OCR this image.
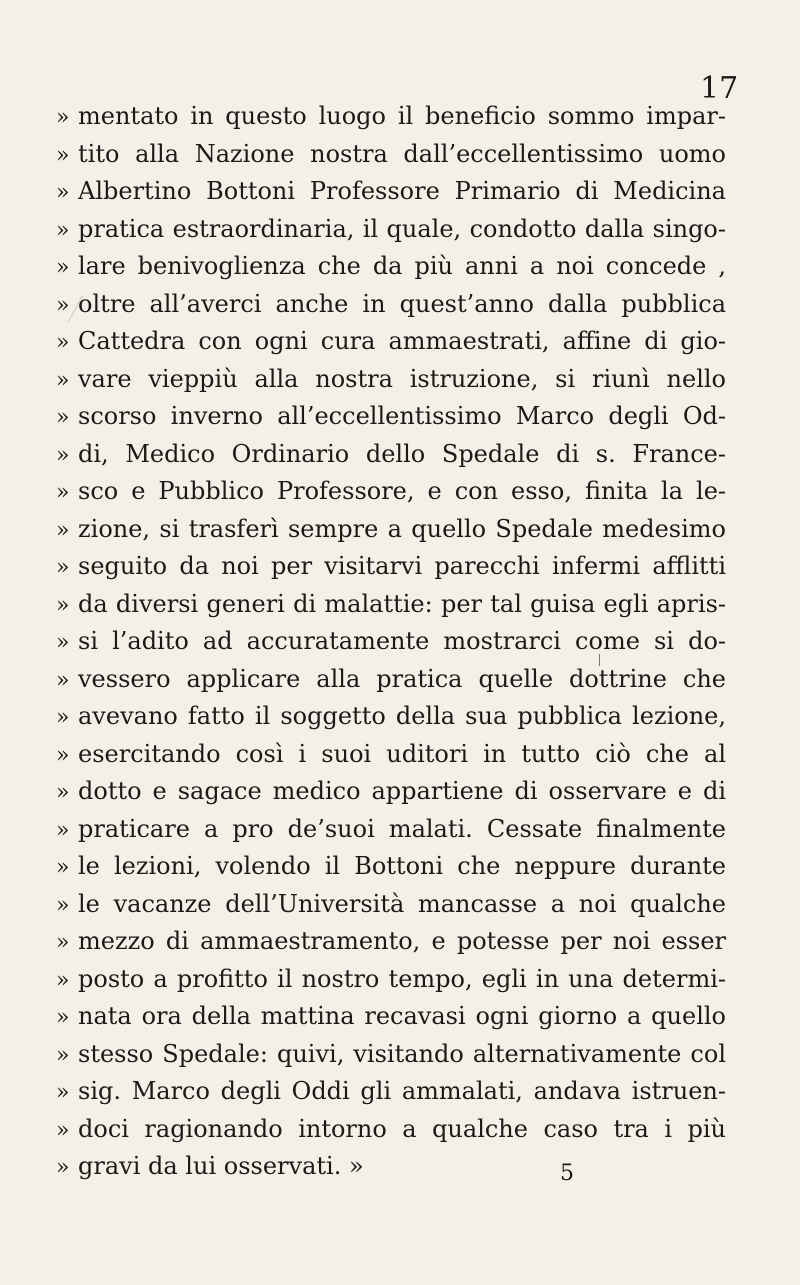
17
» mentato in questo luogo il beneficio sommo impar-
» tito alla Nazione nostra dall’eccellentissimo uomo
» Albertino Bottoni Professore Primario di Medicina
» pratica estraordinaria, il quale, condotto dalla singo-
» lare benivoglienza che da più anni a noi concede ,
» oltre all’averci anche in quest’anno dalla pubblica
» Cattedra con ogni cura ammaestrati, affine di gio-
» vare vieppiù alla nostra istruzione, si riunì nello
» scorso inverno all’eccellentissimo Marco degli Od-
» di, Medico Ordinario dello Spedale di s. France-
» sco e Pubblico Professore, e con esso, finita la le-
» zione, si trasferì sempre a quello Spedale medesimo
» seguito da noi per visitarvi parecchi infermi afflitti
» da diversi generi di malattie: per tal guisa egli apris-
» si l’adito ad accuratamente mostrarci come si do-
» vessero applicare alla pratica quelle dottrine che
» avevano fatto il soggetto della sua pubblica lezione,
» esercitando così i suoi uditori in tutto ciò che al
» dotto e sagace medico appartiene di osservare e di
» praticare a pro de’suoi malati. Cessate finalmente
» le lezioni, volendo il Bottoni che neppure durante
» le vacanze dell’Università mancasse a noi qualche
» mezzo di ammaestramento, e potesse per noi esser
» posto a profitto il nostro tempo, egli in una determi-
» nata ora della mattina recavasi ogni giorno a quello
» stesso Spedale: quivi, visitando alternativamente col
» sig. Marco degli Oddi gli ammalati, andava istruen-
» doci ragionando intorno a qualche caso tra i più
» gravi da lui osservati. »	5
